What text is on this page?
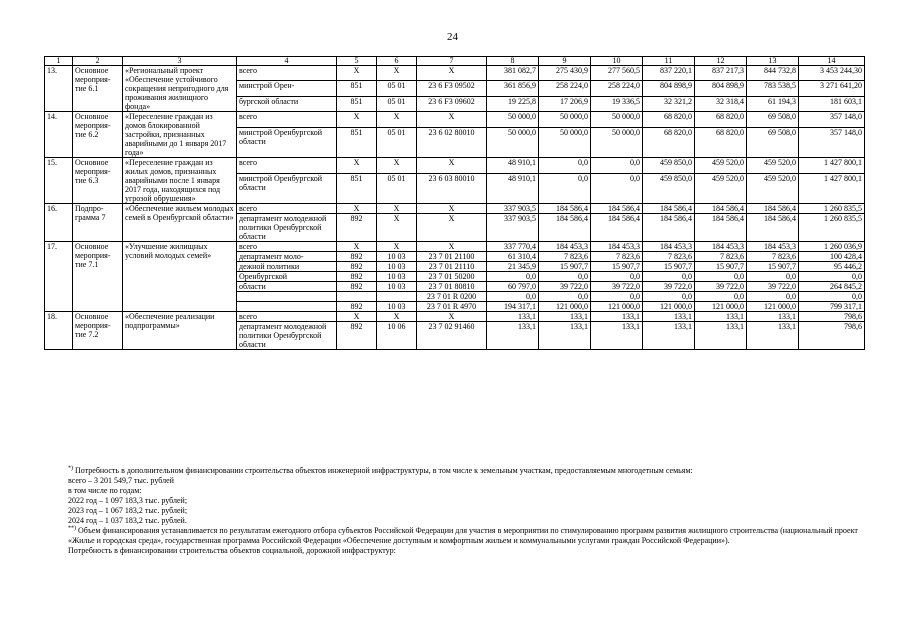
24
1	2	3	4	5	6	7	8	9	10	11	12	13	14
13.	Основное мероприя-тие 6.1	«Региональный проект «Обеспечение устойчивого сокращения непригодного для проживания жилищного фонда»	всего	X	X	X	381 082,7	275 430,9	277 560,5	837 220,1	837 217,3	844 732,8	3 453 244,30
			минстрой Орен-	851	05 01	23 6 F3 09502	361 856,9	258 224,0	258 224,0	804 898,9	804 898,9	783 538,5	3 271 641,20
			бургской области	851	05 01	23 6 F3 09602	19 225,8	17 206,9	19 336,5	32 321,2	32 318,4	61 194,3	181 603,1
14.	Основное мероприя-тие 6.2	«Переселение граждан из домов блокированной застройки, признанных аварийными до 1 января 2017 года»	всего	X	X	X	50 000,0	50 000,0	50 000,0	68 820,0	68 820,0	69 508,0	357 148,0
			минстрой Оренбургской области	851	05 01	23 6 02 80010	50 000,0	50 000,0	50 000,0	68 820,0	68 820,0	69 508,0	357 148,0
15.	Основное мероприя-тие 6.3	«Переселение граждан из жилых домов, признанных аварийными после 1 января 2017 года, находящихся под угрозой обрушения»	всего	X	X	X	48 910,1	0,0	0,0	459 850,0	459 520,0	459 520,0	1 427 800,1
			минстрой Оренбургской области	851	05 01	23 6 03 80010	48 910,1	0,0	0,0	459 850,0	459 520,0	459 520,0	1 427 800,1
16.	Подпро-грамма 7	«Обеспечение жильем молодых семей в Оренбургской области»	всего	X	X	X	337 903,5	184 586,4	184 586,4	184 586,4	184 586,4	184 586,4	1 260 835,5
			департамент молодежной политики Оренбургской области	892	X	X	337 903,5	184 586,4	184 586,4	184 586,4	184 586,4	184 586,4	1 260 835,5
17.	Основное мероприя-тие 7.1	«Улучшение жилищных условий молодых семей»	всего	X	X	X	337 770,4	184 453,3	184 453,3	184 453,3	184 453,3	184 453,3	1 260 036,9
			департамент моло-	892	10 03	23 7 01 21100	61 310,4	7 823,6	7 823,6	7 823,6	7 823,6	7 823,6	100 428,4
			дежной политики	892	10 03	23 7 01 21110	21 345,9	15 907,7	15 907,7	15 907,7	15 907,7	15 907,7	95 446,2
			Оренбургской	892	10 03	23 7 01 50200	0,0	0,0	0,0	0,0	0,0	0,0	0,0
			области	892	10 03	23 7 01 80810	60 797,0	39 722,0	39 722,0	39 722,0	39 722,0	39 722,0	264 845,2
						23 7 01 R 0200	0,0	0,0	0,0	0,0	0,0	0,0	0,0
				892	10 03	23 7 01 R 4970	194 317,1	121 000,0	121 000,0	121 000,0	121 000,0	121 000,0	799 317,1
18.	Основное мероприя-тие 7.2	«Обеспечение реализации подпрограммы»	всего	X	X	X	133,1	133,1	133,1	133,1	133,1	133,1	798,6
			департамент молодежной политики Оренбургской области	892	10 06	23 7 02 91460	133,1	133,1	133,1	133,1	133,1	133,1	798,6

*) Потребность в дополнительном финансировании строительства объектов инженерной инфраструктуры, в том числе к земельным участкам, предоставляемым многодетным семьям:

всего – 3 201 549,7 тыс. рублей

в том числе по годам:

2022 год – 1 097 183,3 тыс. рублей;

2023 год – 1 067 183,2 тыс. рублей;

2024 год – 1 037 183,2 тыс. рублей.

**) Объем финансирования устанавливается по результатам ежегодного отбора субъектов Российской Федерации для участия в мероприятии по стимулированию программ развития жилищного строительства (национальный проект «Жилье и городская среда», государственная программа Российской Федерации «Обеспечение доступным и комфортным жильем и коммунальными услугами граждан Российской Федерации»).

Потребность в финансировании строительства объектов социальной, дорожной инфраструктур:
